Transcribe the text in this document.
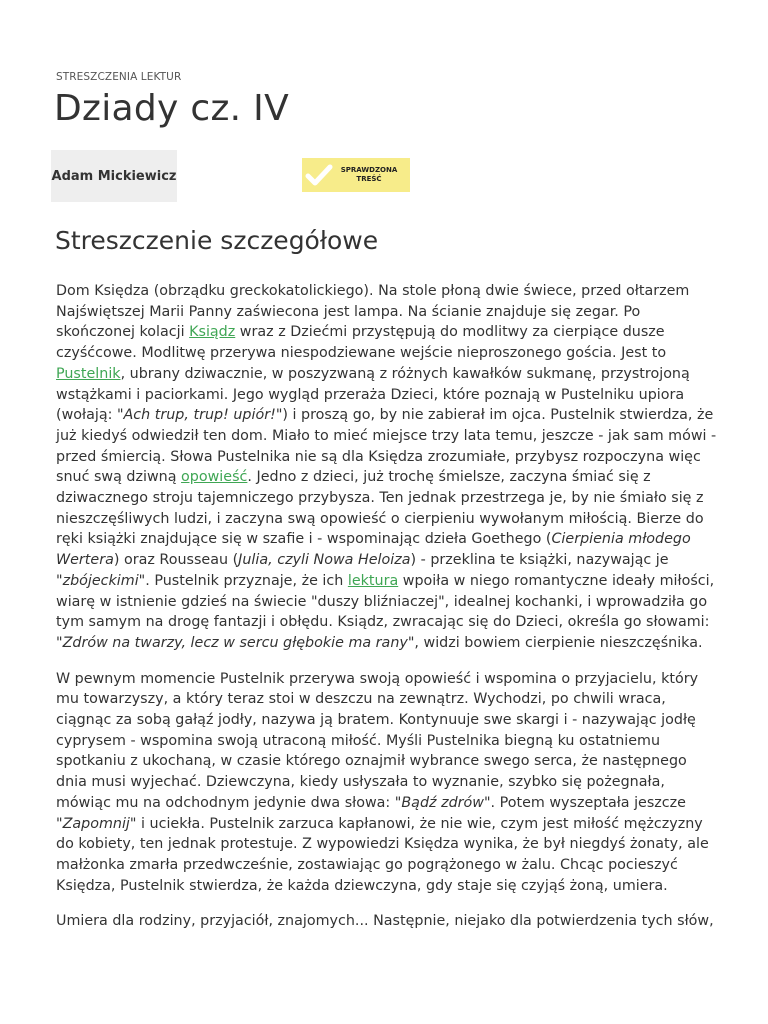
STRESZCZENIA LEKTUR
Dziady cz. IV
Adam Mickiewicz	SPRAWDZONA
TREŚĆ
Streszczenie szczegółowe

Dom Księdza (obrządku greckokatolickiego). Na stole płoną dwie świece, przed ołtarzem Najświętszej Marii Panny zaświecona jest lampa. Na ścianie znajduje się zegar. Po skończonej kolacji Ksiądz wraz z Dziećmi przystępują do modlitwy za cierpiące dusze czyśćcowe. Modlitwę przerywa niespodziewane wejście nieproszonego gościa. Jest to Pustelnik, ubrany dziwacznie, w poszyzwaną z różnych kawałków sukmanę, przystrojoną wstążkami i paciorkami. Jego wygląd przeraża Dzieci, które poznają w Pustelniku upiora (wołają: "Ach trup, trup! upiór!") i proszą go, by nie zabierał im ojca. Pustelnik stwierdza, że już kiedyś odwiedził ten dom. Miało to mieć miejsce trzy lata temu, jeszcze - jak sam mówi - przed śmiercią. Słowa Pustelnika nie są dla Księdza zrozumiałe, przybysz rozpoczyna więc snuć swą dziwną opowieść. Jedno z dzieci, już trochę śmielsze, zaczyna śmiać się z dziwacznego stroju tajemniczego przybysza. Ten jednak przestrzega je, by nie śmiało się z nieszczęśliwych ludzi, i zaczyna swą opowieść o cierpieniu wywołanym miłością. Bierze do ręki książki znajdujące się w szafie i - wspominając dzieła Goethego (Cierpienia młodego Wertera) oraz Rousseau (Julia, czyli Nowa Heloiza) - przeklina te książki, nazywając je "zbójeckimi". Pustelnik przyznaje, że ich lektura wpoiła w niego romantyczne ideały miłości, wiarę w istnienie gdzieś na świecie "duszy bliźniaczej", idealnej kochanki, i wprowadziła go tym samym na drogę fantazji i obłędu. Ksiądz, zwracając się do Dzieci, określa go słowami: "Zdrów na twarzy, lecz w sercu głębokie ma rany", widzi bowiem cierpienie nieszczęśnika.

W pewnym momencie Pustelnik przerywa swoją opowieść i wspomina o przyjacielu, który mu towarzyszy, a który teraz stoi w deszczu na zewnątrz. Wychodzi, po chwili wraca, ciągnąc za sobą gałąź jodły, nazywa ją bratem. Kontynuuje swe skargi i - nazywając jodłę cyprysem - wspomina swoją utraconą miłość. Myśli Pustelnika biegną ku ostatniemu spotkaniu z ukochaną, w czasie którego oznajmił wybrance swego serca, że następnego dnia musi wyjechać. Dziewczyna, kiedy usłyszała to wyznanie, szybko się pożegnała, mówiąc mu na odchodnym jedynie dwa słowa: "Bądź zdrów". Potem wyszeptała jeszcze "Zapomnij" i uciekła. Pustelnik zarzuca kapłanowi, że nie wie, czym jest miłość mężczyzny do kobiety, ten jednak protestuje. Z wypowiedzi Księdza wynika, że był niegdyś żonaty, ale małżonka zmarła przedwcześnie, zostawiając go pogrążonego w żalu. Chcąc pocieszyć Księdza, Pustelnik stwierdza, że każda dziewczyna, gdy staje się czyjąś żoną, umiera.

Umiera dla rodziny, przyjaciół, znajomych... Następnie, niejako dla potwierdzenia tych słów,
